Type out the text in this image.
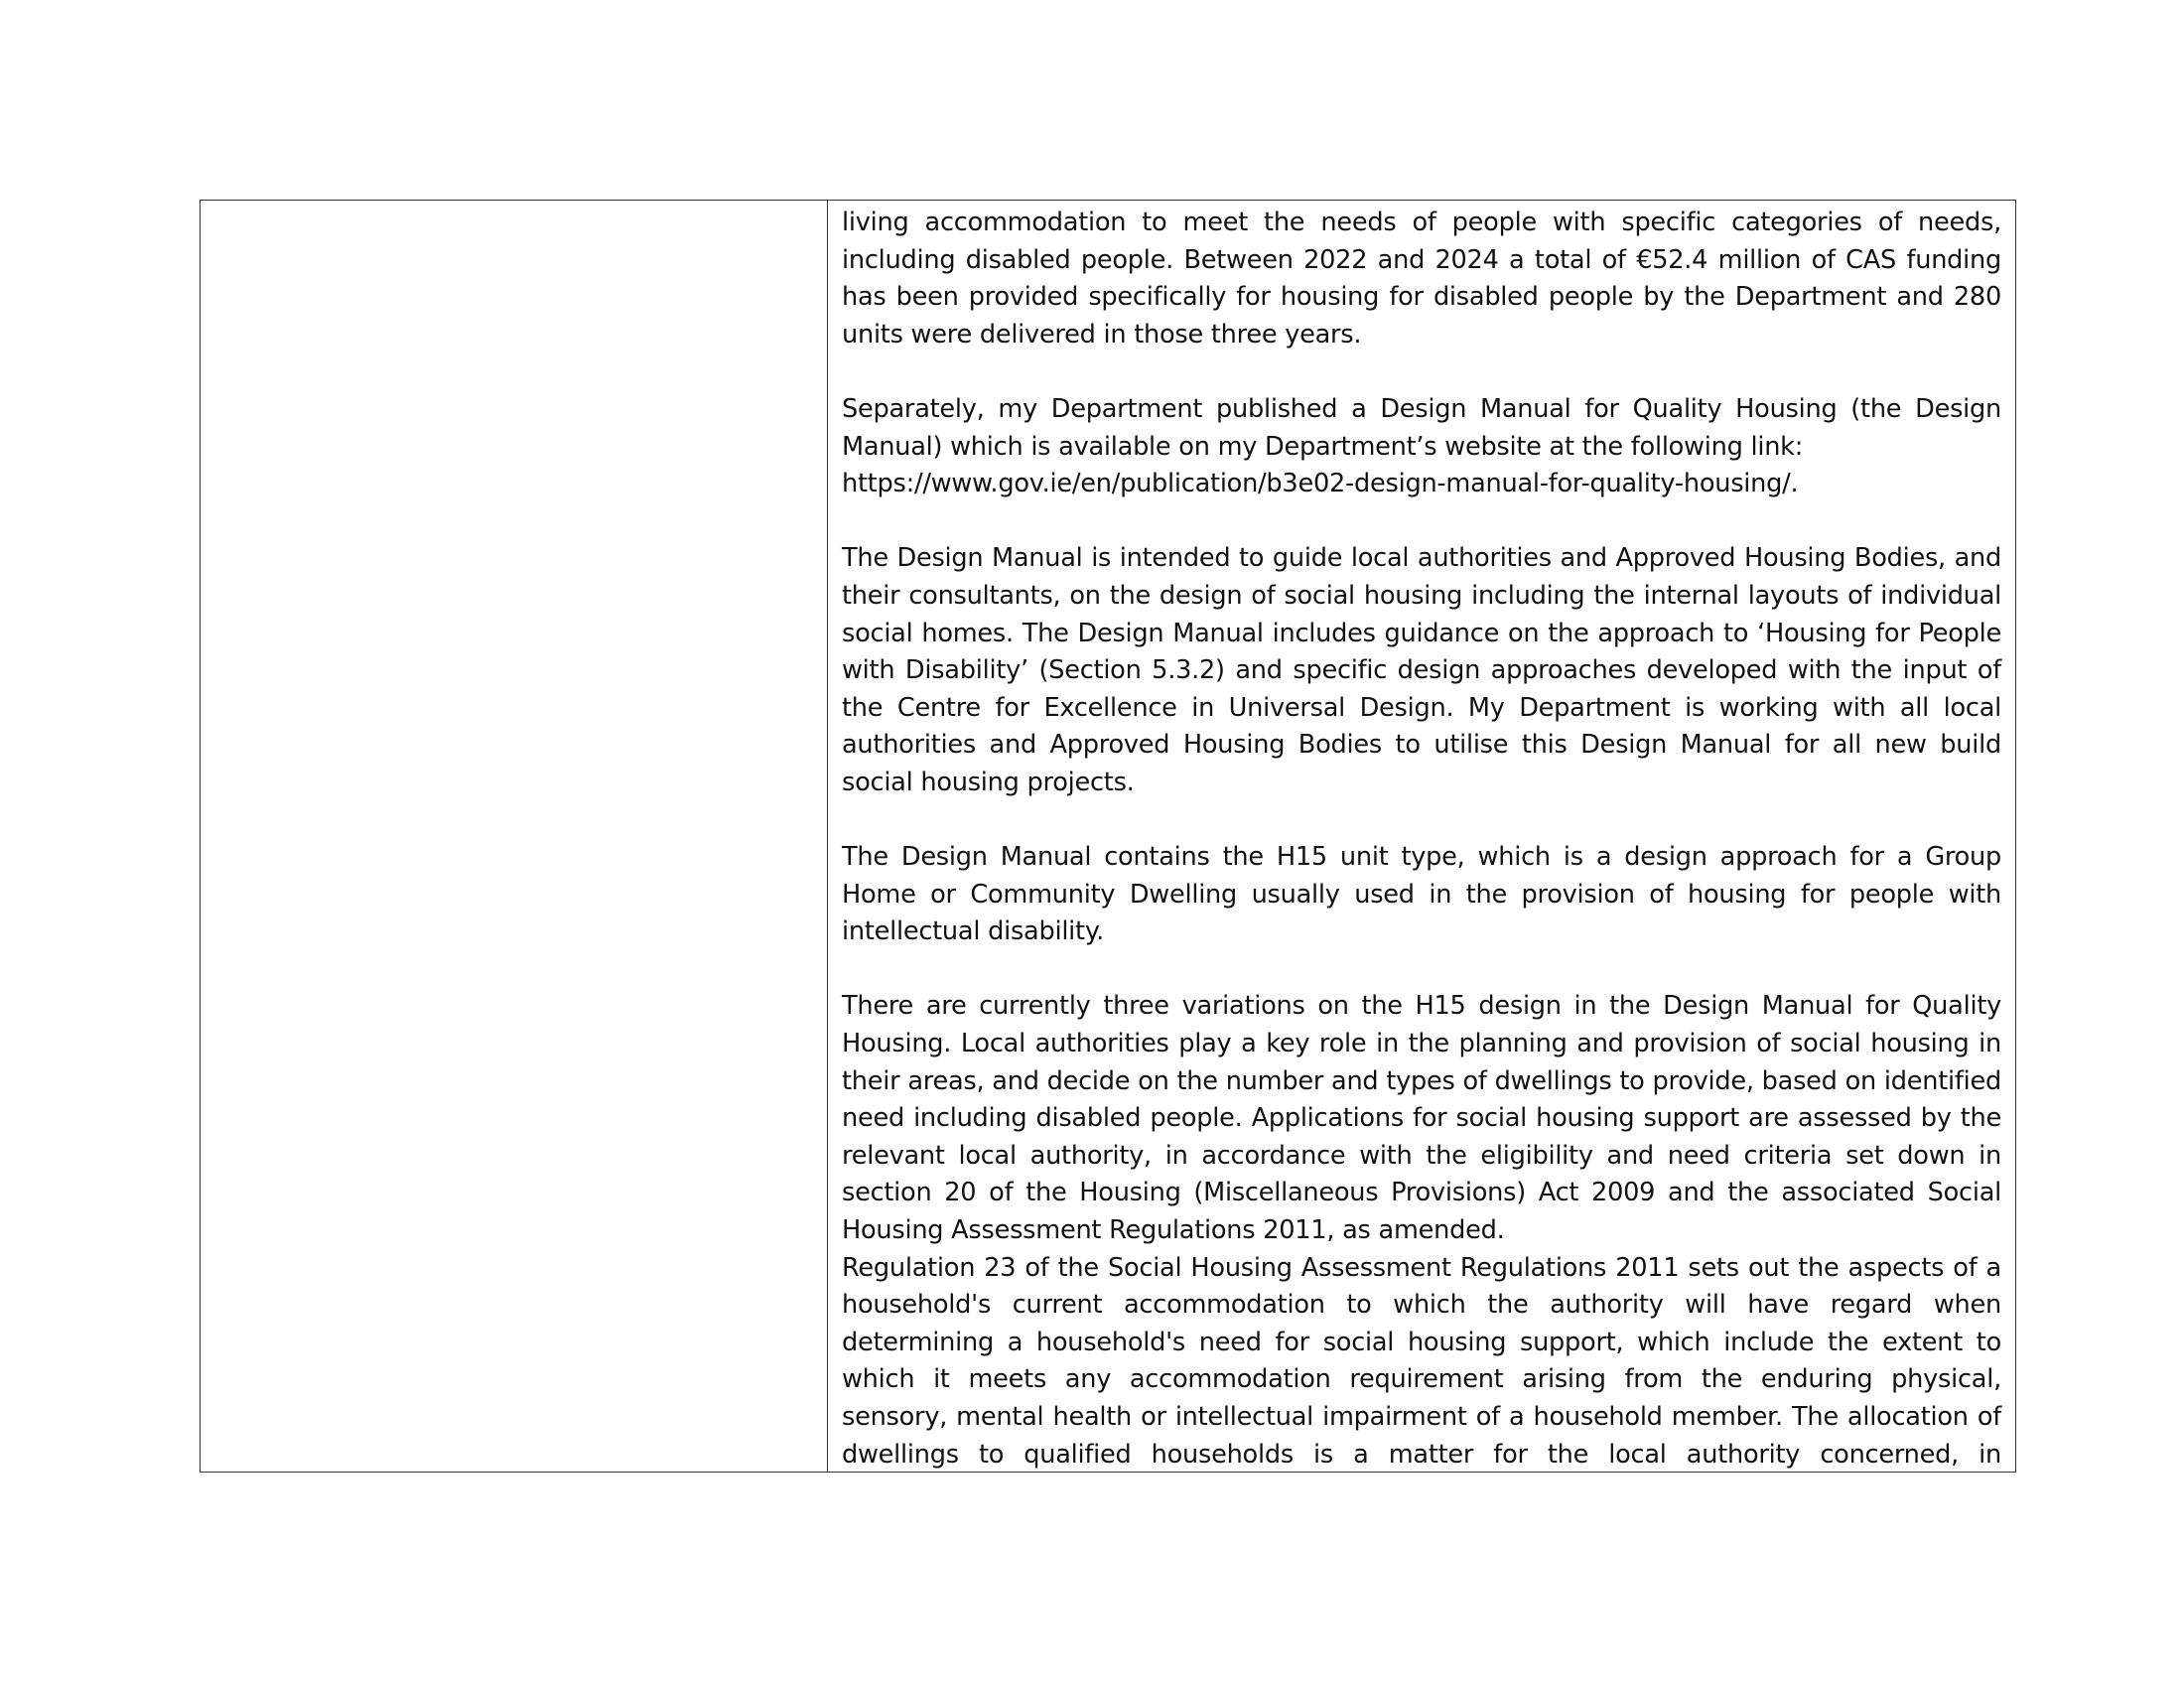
living accommodation to meet the needs of people with specific categories of needs, including disabled people. Between 2022 and 2024 a total of €52.4 million of CAS funding has been provided specifically for housing for disabled people by the Department and 280 units were delivered in those three years.

Separately, my Department published a Design Manual for Quality Housing (the Design Manual) which is available on my Department’s website at the following link:
https://www.gov.ie/en/publication/b3e02-design-manual-for-quality-housing/.

The Design Manual is intended to guide local authorities and Approved Housing Bodies, and their consultants, on the design of social housing including the internal layouts of individual social homes. The Design Manual includes guidance on the approach to ‘Housing for People with Disability’ (Section 5.3.2) and specific design approaches developed with the input of the Centre for Excellence in Universal Design. My Department is working with all local authorities and Approved Housing Bodies to utilise this Design Manual for all new build social housing projects.

The Design Manual contains the H15 unit type, which is a design approach for a Group Home or Community Dwelling usually used in the provision of housing for people with intellectual disability.

There are currently three variations on the H15 design in the Design Manual for Quality Housing. Local authorities play a key role in the planning and provision of social housing in their areas, and decide on the number and types of dwellings to provide, based on identified need including disabled people. Applications for social housing support are assessed by the relevant local authority, in accordance with the eligibility and need criteria set down in section 20 of the Housing (Miscellaneous Provisions) Act 2009 and the associated Social Housing Assessment Regulations 2011, as amended.

Regulation 23 of the Social Housing Assessment Regulations 2011 sets out the aspects of a household's current accommodation to which the authority will have regard when determining a household's need for social housing support, which include the extent to which it meets any accommodation requirement arising from the enduring physical, sensory, mental health or intellectual impairment of a household member. The allocation of dwellings to qualified households is a matter for the local authority concerned, in
